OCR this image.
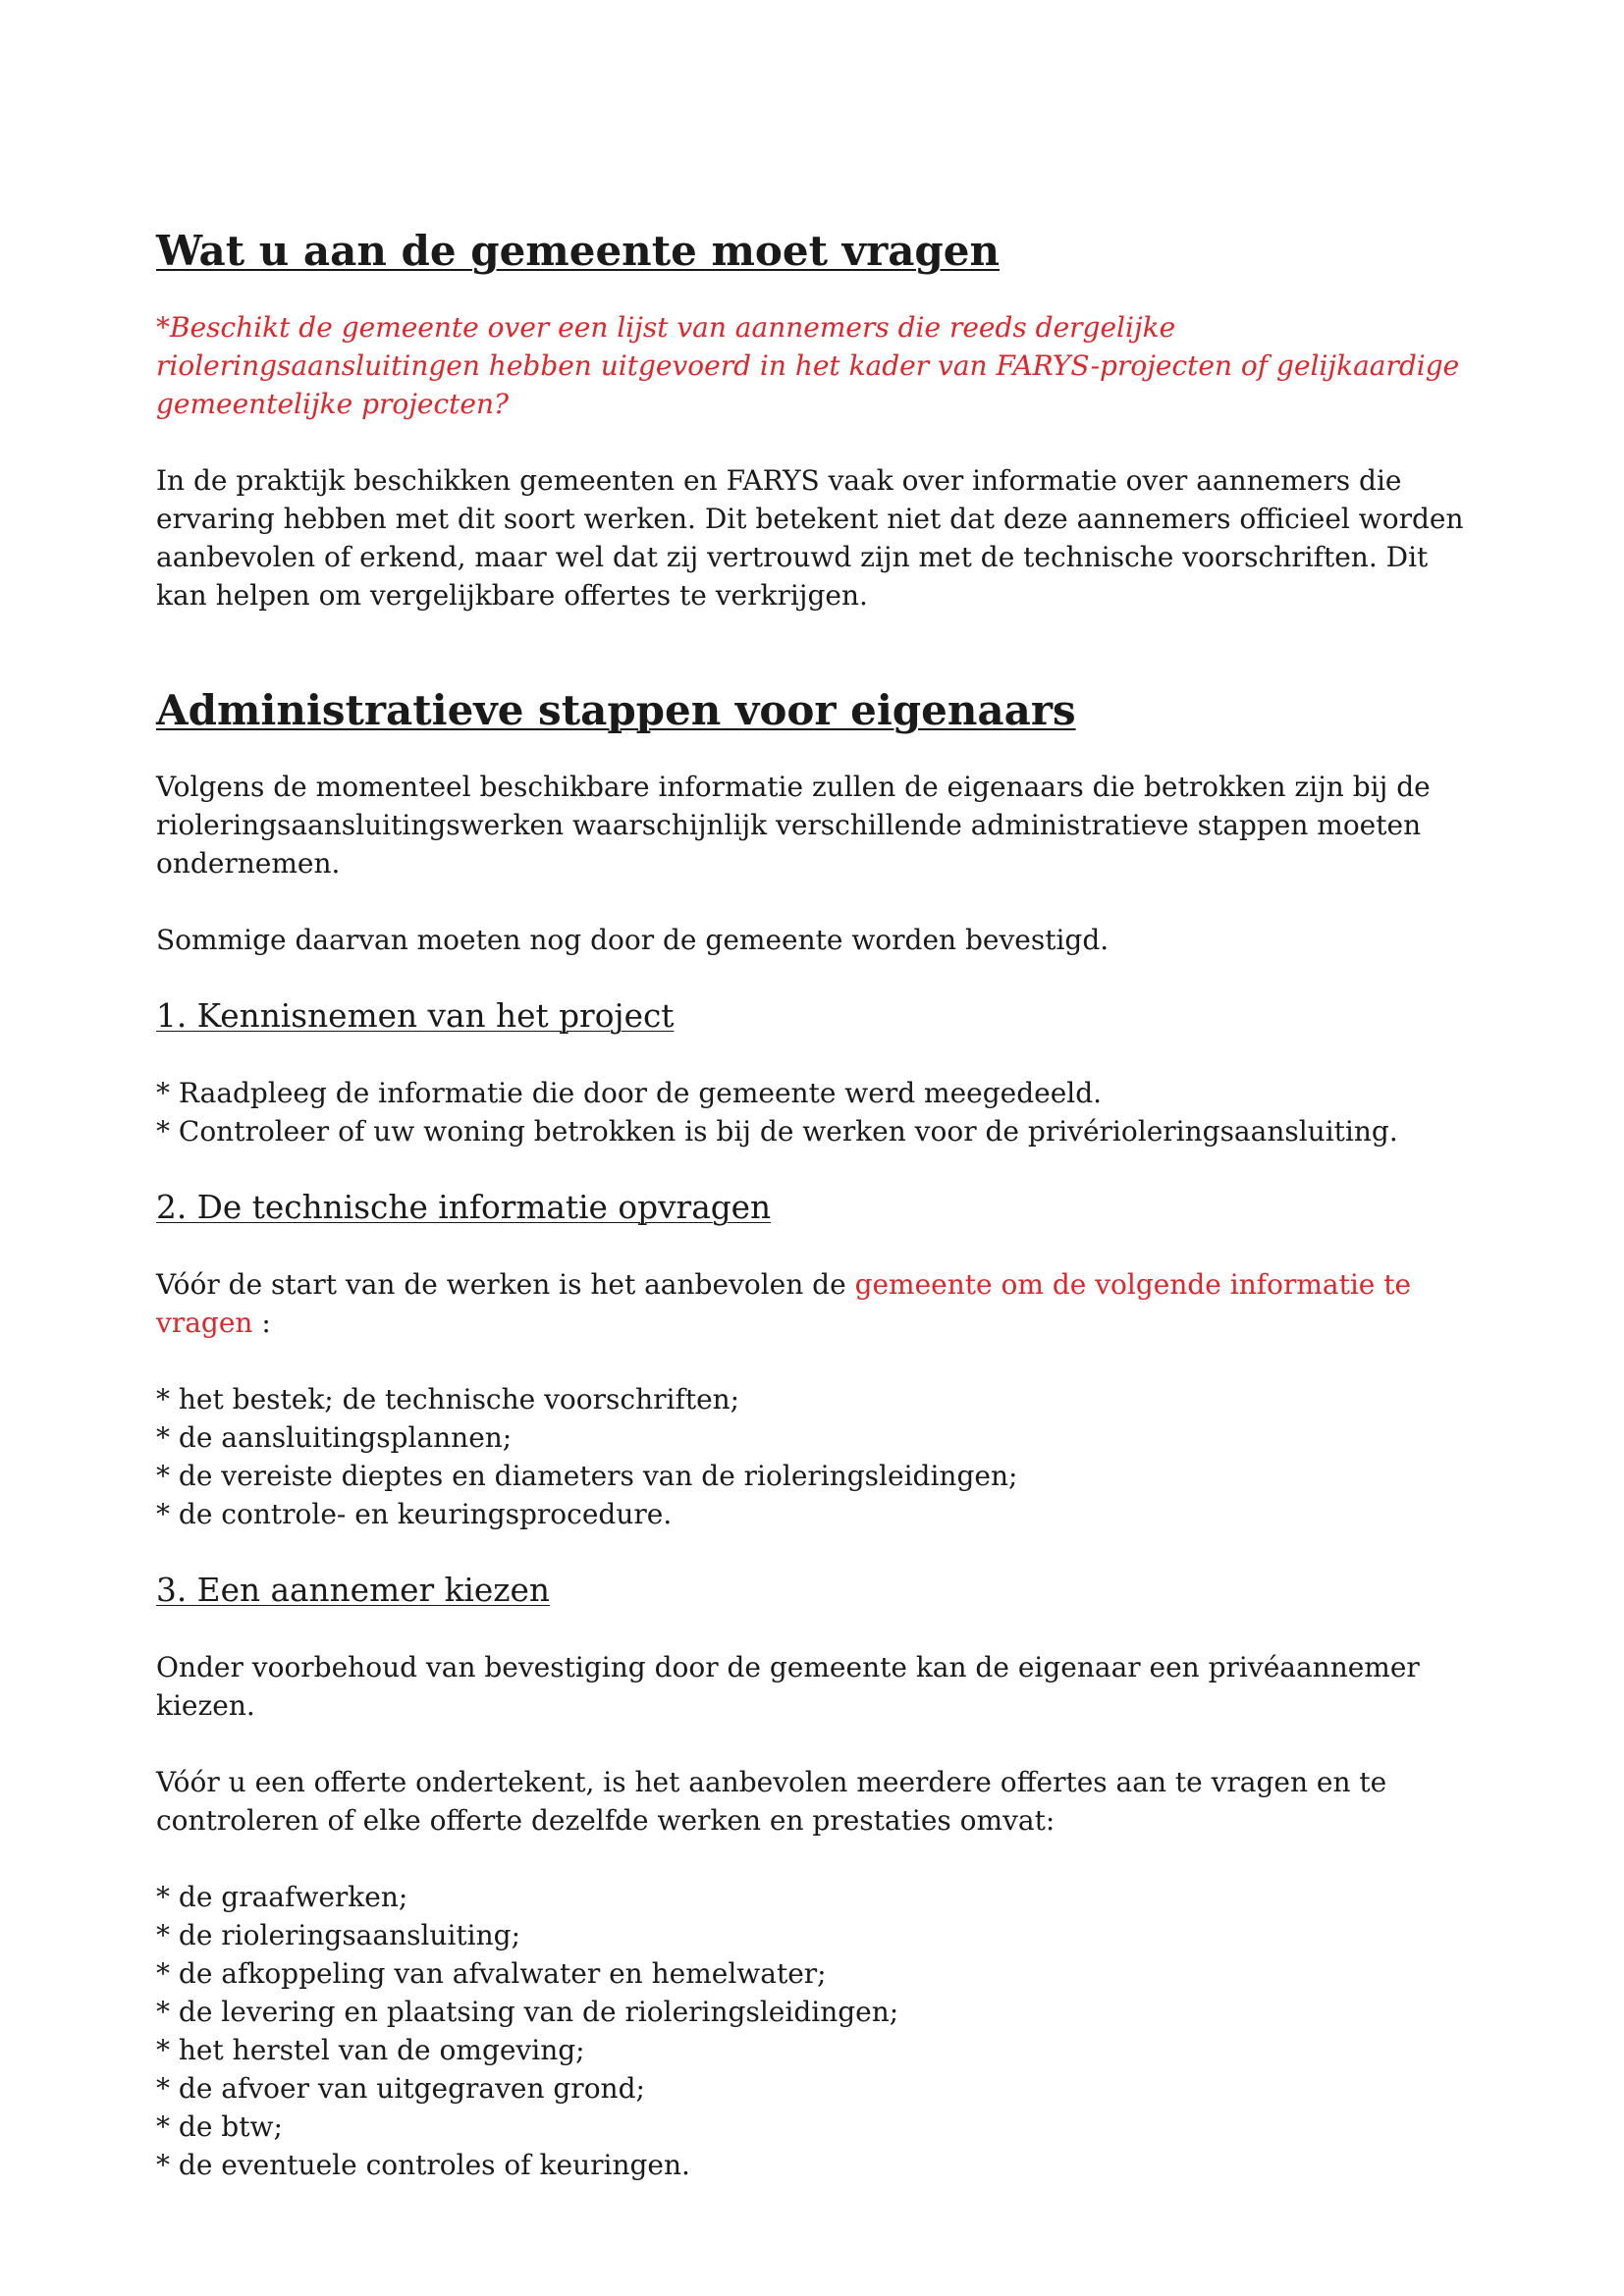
Wat u aan de gemeente moet vragen

*Beschikt de gemeente over een lijst van aannemers die reeds dergelijke rioleringsaansluitingen hebben uitgevoerd in het kader van FARYS-projecten of gelijkaardige gemeentelijke projecten?

In de praktijk beschikken gemeenten en FARYS vaak over informatie over aannemers die ervaring hebben met dit soort werken. Dit betekent niet dat deze aannemers officieel worden aanbevolen of erkend, maar wel dat zij vertrouwd zijn met de technische voorschriften. Dit kan helpen om vergelijkbare offertes te verkrijgen.

Administratieve stappen voor eigenaars

Volgens de momenteel beschikbare informatie zullen de eigenaars die betrokken zijn bij de rioleringsaansluitingswerken waarschijnlijk verschillende administratieve stappen moeten ondernemen.

Sommige daarvan moeten nog door de gemeente worden bevestigd.

1. Kennisnemen van het project
* Raadpleeg de informatie die door de gemeente werd meegedeeld.
* Controleer of uw woning betrokken is bij de werken voor de privérioleringsaansluiting.
2. De technische informatie opvragen

Vóór de start van de werken is het aanbevolen de gemeente om de volgende informatie te vragen :

* het bestek; de technische voorschriften;
* de aansluitingsplannen;
* de vereiste dieptes en diameters van de rioleringsleidingen;
* de controle- en keuringsprocedure.
3. Een aannemer kiezen

Onder voorbehoud van bevestiging door de gemeente kan de eigenaar een privéaannemer kiezen.

Vóór u een offerte ondertekent, is het aanbevolen meerdere offertes aan te vragen en te controleren of elke offerte dezelfde werken en prestaties omvat:

* de graafwerken;
* de rioleringsaansluiting;
* de afkoppeling van afvalwater en hemelwater;
* de levering en plaatsing van de rioleringsleidingen;
* het herstel van de omgeving;
* de afvoer van uitgegraven grond;
* de btw;
* de eventuele controles of keuringen.
